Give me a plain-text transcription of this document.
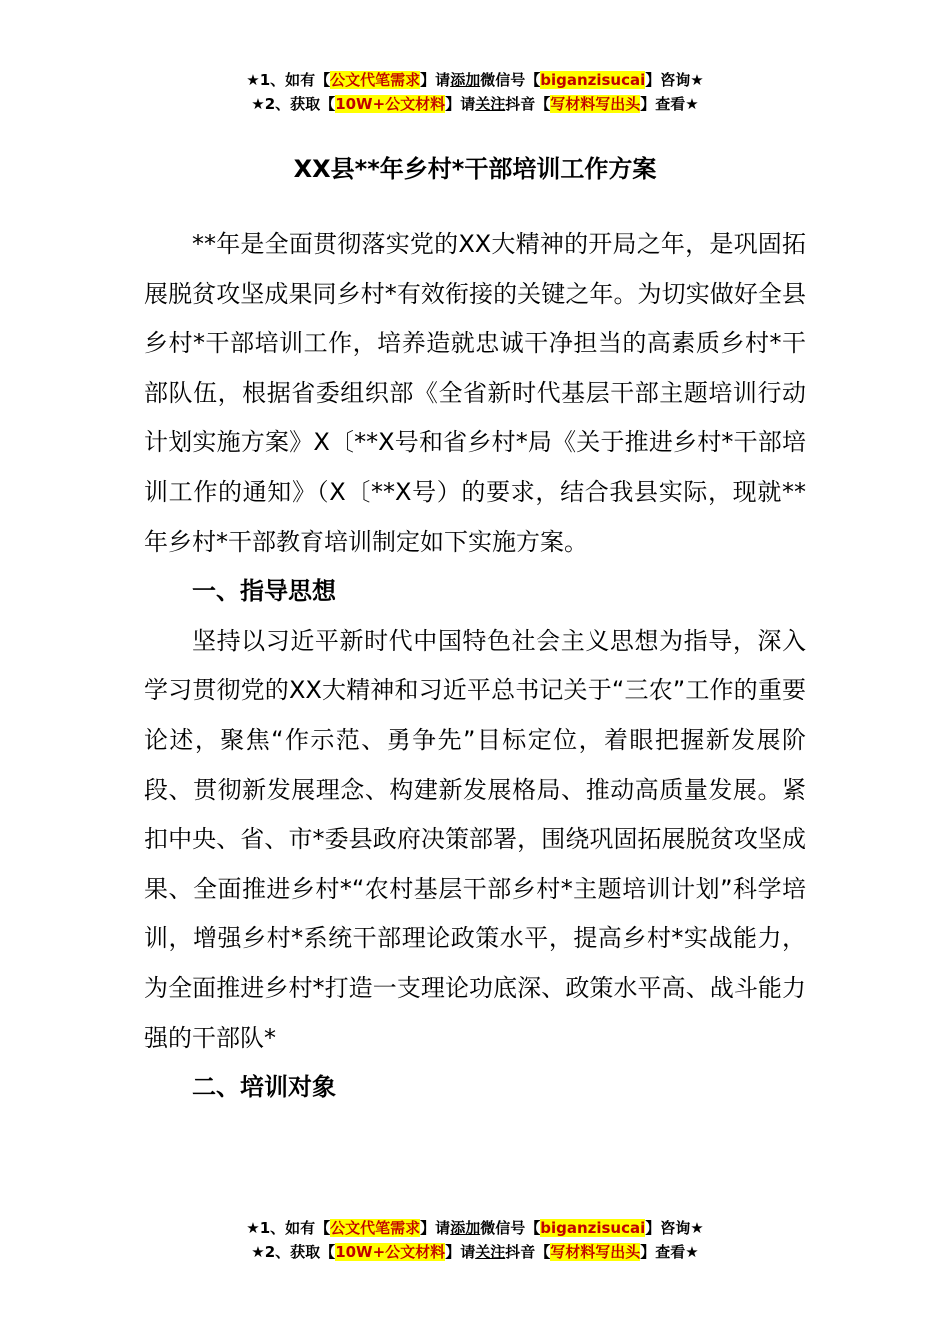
★1、如有【公文代笔需求】请添加微信号【biganzisucai】咨询★
★2、获取【10W+公文材料】请关注抖音【写材料写出头】查看★
XX县**年乡村*干部培训工作方案

**年是全面贯彻落实党的XX大精神的开局之年，是巩固拓展脱贫攻坚成果同乡村*有效衔接的关键之年。为切实做好全县乡村*干部培训工作，培养造就忠诚干净担当的高素质乡村*干部队伍，根据省委组织部《全省新时代基层干部主题培训行动计划实施方案》X〔**X号和省乡村*局《关于推进乡村*干部培训工作的通知》（X〔**X号）的要求，结合我县实际，现就**年乡村*干部教育培训制定如下实施方案。

一、指导思想

坚持以习近平新时代中国特色社会主义思想为指导，深入学习贯彻党的XX大精神和习近平总书记关于“三农”工作的重要论述，聚焦“作示范、勇争先”目标定位，着眼把握新发展阶段、贯彻新发展理念、构建新发展格局、推动高质量发展。紧扣中央、省、市*委县政府决策部署，围绕巩固拓展脱贫攻坚成果、全面推进乡村*“农村基层干部乡村*主题培训计划”科学培训，增强乡村*系统干部理论政策水平，提高乡村*实战能力，为全面推进乡村*打造一支理论功底深、政策水平高、战斗能力强的干部队*

二、培训对象
★1、如有【公文代笔需求】请添加微信号【biganzisucai】咨询★
★2、获取【10W+公文材料】请关注抖音【写材料写出头】查看★
